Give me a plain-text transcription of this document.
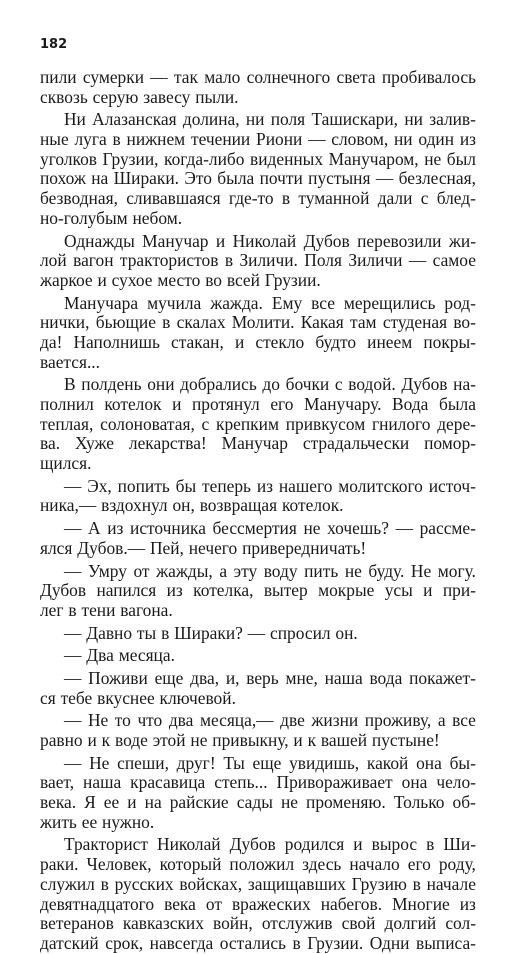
182
пили сумерки — так мало солнечного света пробивалось
сквозь серую завесу пыли.
Ни Алазанская долина, ни поля Ташискари, ни залив-
ные луга в нижнем течении Риони — словом, ни один из
уголков Грузии, когда-либо виденных Манучаром, не был
похож на Шираки. Это была почти пустыня — безлесная,
безводная, сливавшаяся где-то в туманной дали с блед-
но-голубым небом.
Однажды Манучар и Николай Дубов перевозили жи-
лой вагон трактористов в Зиличи. Поля Зиличи — самое
жаркое и сухое место во всей Грузии.
Манучара мучила жажда. Ему все мерещились род-
нички, бьющие в скалах Молити. Какая там студеная во-
да! Наполнишь стакан, и стекло будто инеем покры-
вается...
В полдень они добрались до бочки с водой. Дубов на-
полнил котелок и протянул его Манучару. Вода была
теплая, солоноватая, с крепким привкусом гнилого дере-
ва. Хуже лекарства! Манучар страдальчески помор-
щился.
— Эх, попить бы теперь из нашего молитского источ-
ника,— вздохнул он, возвращая котелок.
— А из источника бессмертия не хочешь? — рассме-
ялся Дубов.— Пей, нечего привередничать!
— Умру от жажды, а эту воду пить не буду. Не могу.
Дубов напился из котелка, вытер мокрые усы и при-
лег в тени вагона.
— Давно ты в Шираки? — спросил он.
— Два месяца.
— Поживи еще два, и, верь мне, наша вода покажет-
ся тебе вкуснее ключевой.
— Не то что два месяца,— две жизни проживу, а все
равно и к воде этой не привыкну, и к вашей пустыне!
— Не спеши, друг! Ты еще увидишь, какой она бы-
вает, наша красавица степь... Привораживает она чело-
века. Я ее и на райские сады не променяю. Только об-
жить ее нужно.
Тракторист Николай Дубов родился и вырос в Ши-
раки. Человек, который положил здесь начало его роду,
служил в русских войсках, защищавших Грузию в начале
девятнадцатого века от вражеских набегов. Многие из
ветеранов кавказских войн, отслужив свой долгий сол-
датский срок, навсегда остались в Грузии. Одни выписа-
